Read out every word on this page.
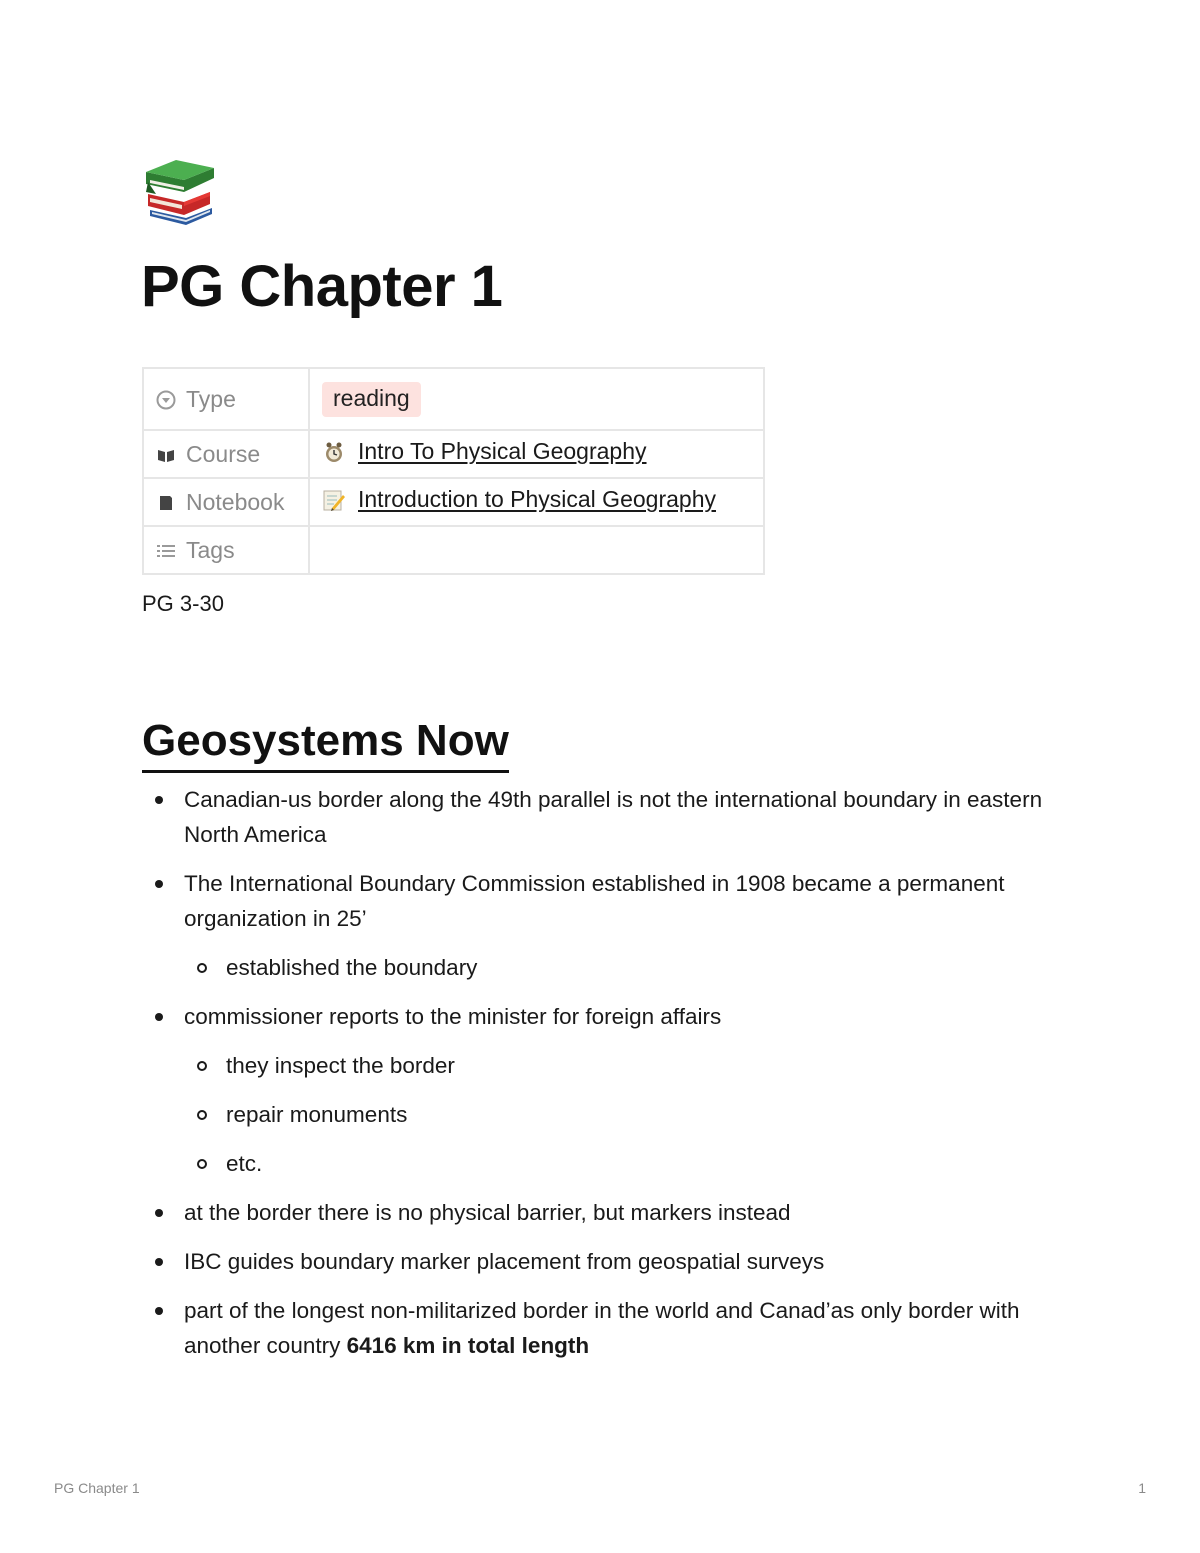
PG Chapter 1
Type	reading
Course	Intro To Physical Geography

Notebook	Introduction to Physical Geography

Tags	

PG 3-30

Geosystems Now
Canadian-us border along the 49th parallel is not the international boundary in eastern North America
The International Boundary Commission established in 1908 became a permanent organization in 25’
established the boundary
commissioner reports to the minister for foreign affairs
they inspect the border
repair monuments
etc.
at the border there is no physical barrier, but markers instead
IBC guides boundary marker placement from geospatial surveys
part of the longest non-militarized border in the world and Canad’as only border with another country 6416 km in total length
PG Chapter 1	1
